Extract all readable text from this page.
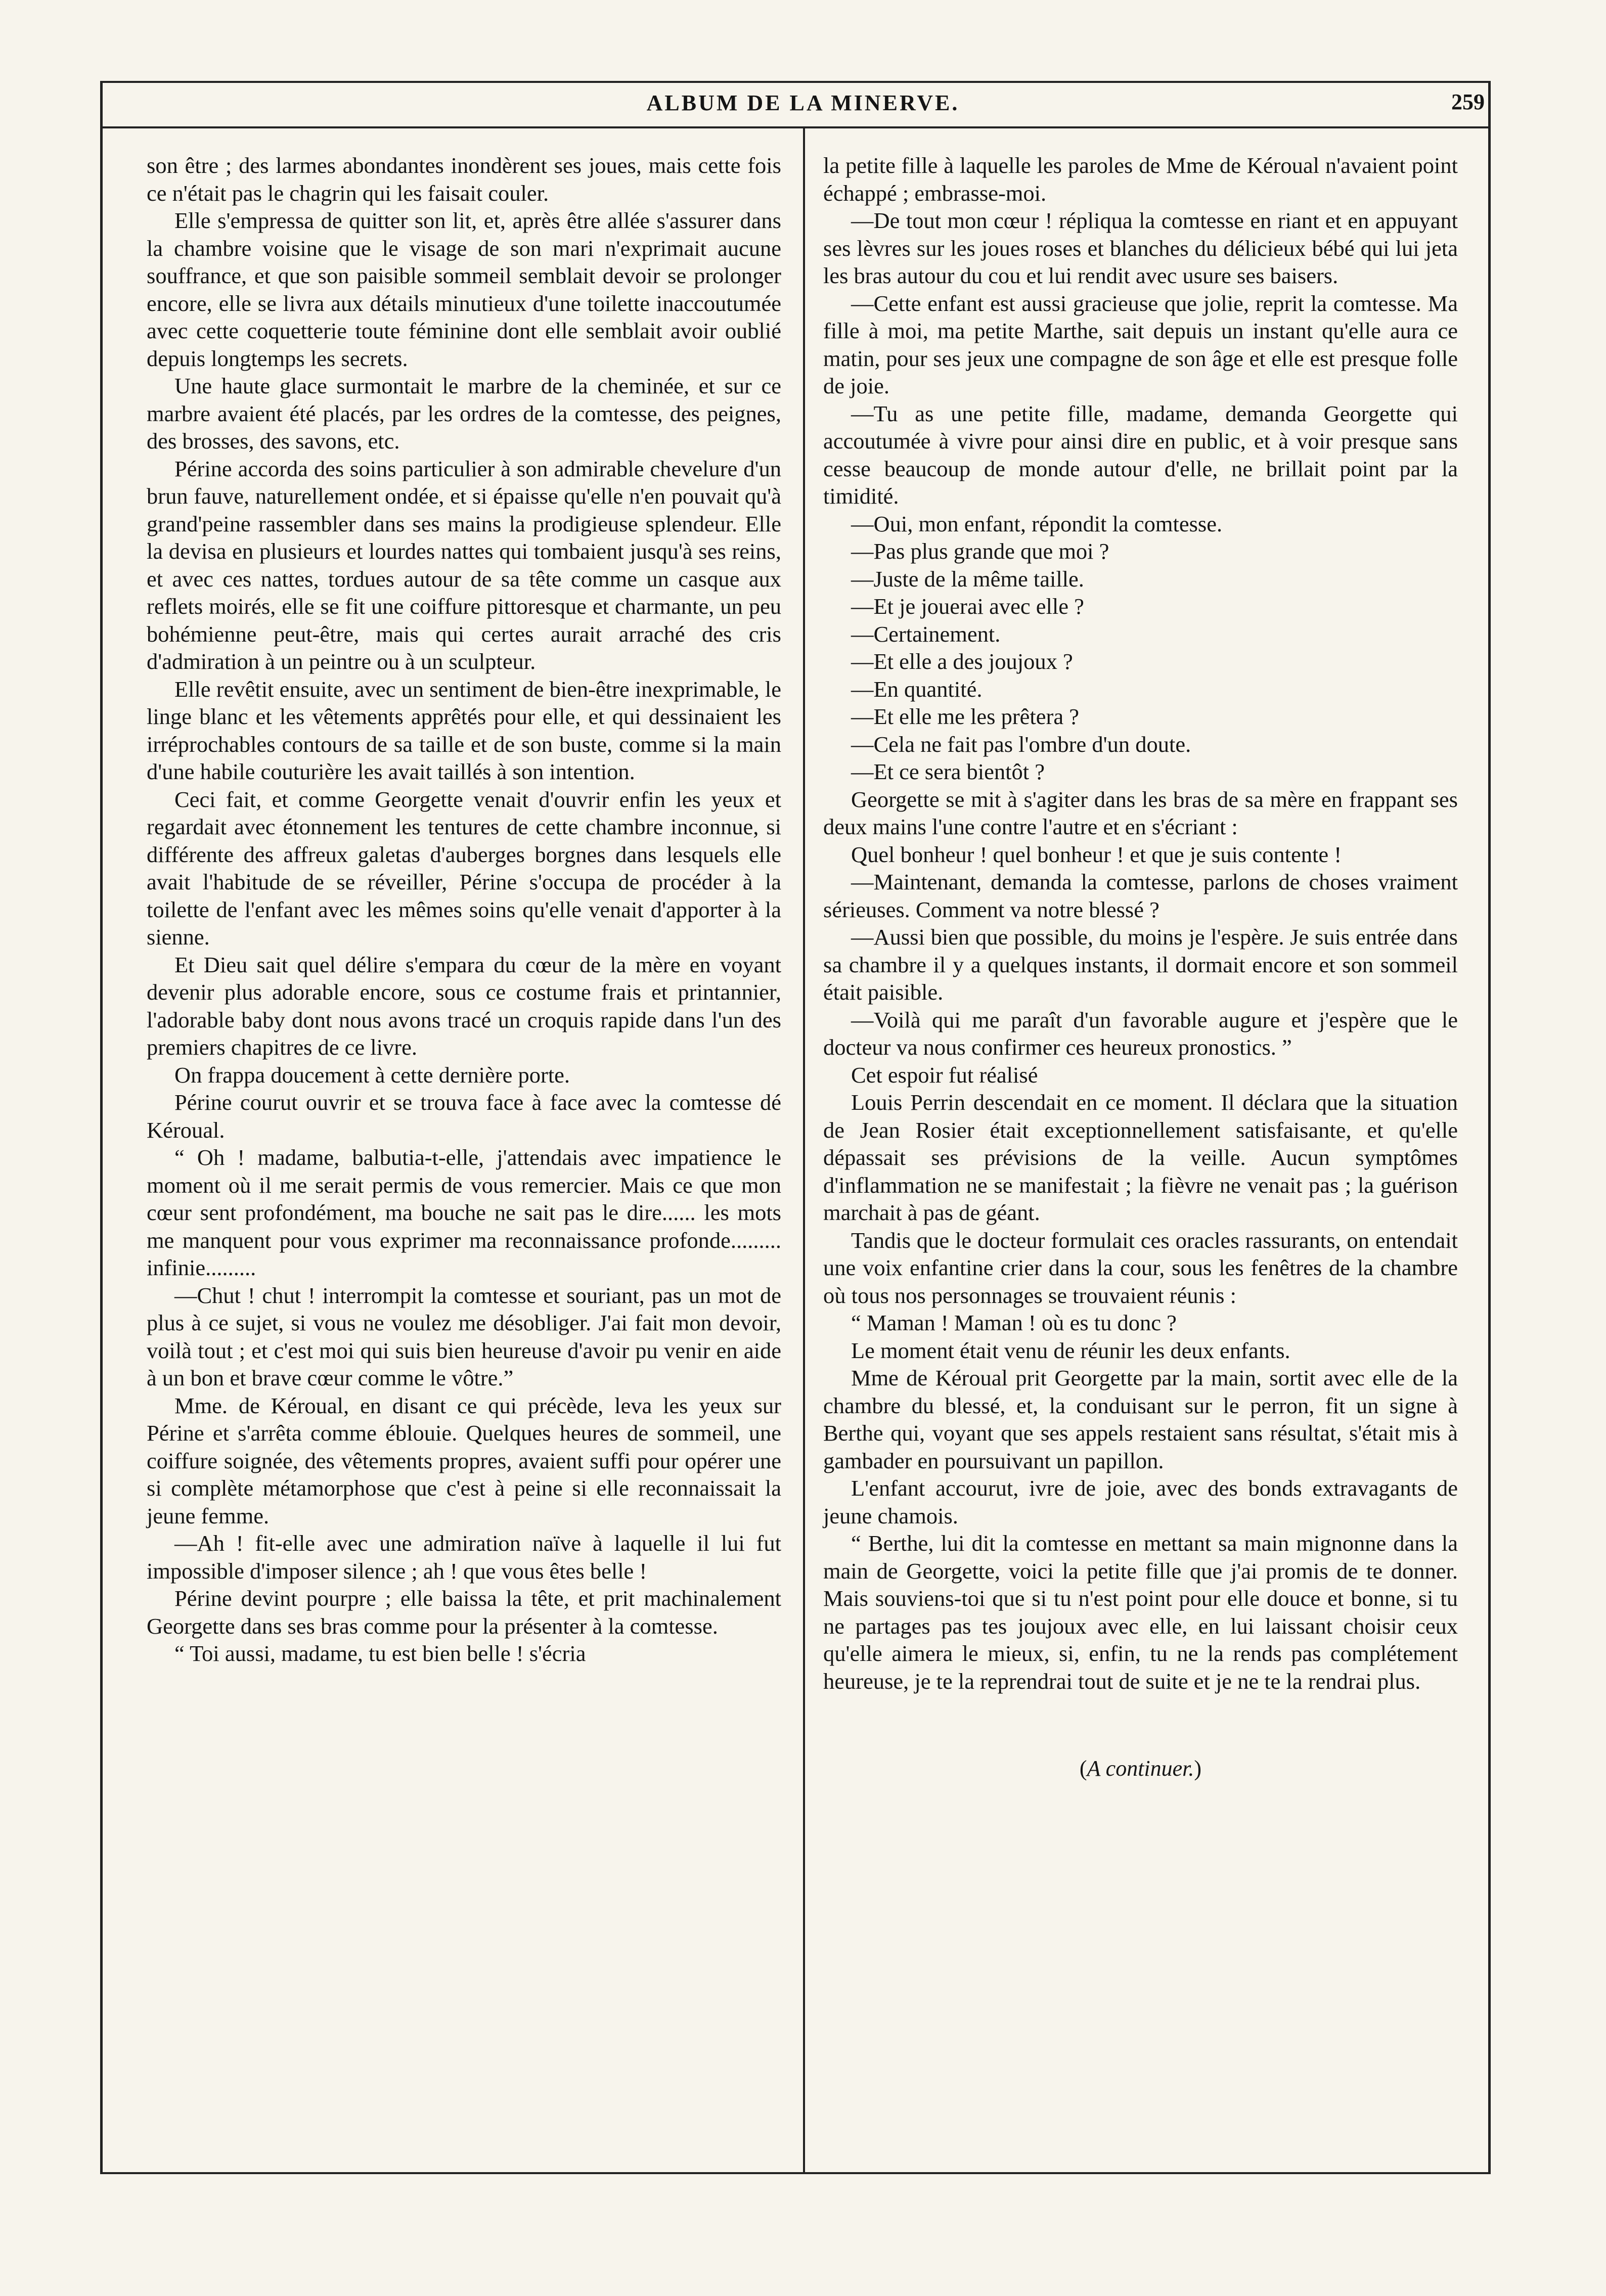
ALBUM DE LA MINERVE.	259

son être ; des larmes abondantes inondèrent ses joues, mais cette fois ce n'était pas le chagrin qui les faisait couler.

Elle s'empressa de quitter son lit, et, après être allée s'assurer dans la chambre voisine que le visage de son mari n'exprimait aucune souffrance, et que son paisible sommeil semblait devoir se prolonger encore, elle se livra aux détails minutieux d'une toilette inaccoutumée avec cette coquetterie toute féminine dont elle semblait avoir oublié depuis longtemps les secrets.

Une haute glace surmontait le marbre de la cheminée, et sur ce marbre avaient été placés, par les ordres de la comtesse, des peignes, des brosses, des savons, etc.

Périne accorda des soins particulier à son admirable chevelure d'un brun fauve, naturellement ondée, et si épaisse qu'elle n'en pouvait qu'à grand'peine rassembler dans ses mains la prodigieuse splendeur. Elle la devisa en plusieurs et lourdes nattes qui tombaient jusqu'à ses reins, et avec ces nattes, tordues autour de sa tête comme un casque aux reflets moirés, elle se fit une coiffure pittoresque et charmante, un peu bohémienne peut-être, mais qui certes aurait arraché des cris d'admiration à un peintre ou à un sculpteur.

Elle revêtit ensuite, avec un sentiment de bien-être inexprimable, le linge blanc et les vêtements apprêtés pour elle, et qui dessinaient les irréprochables contours de sa taille et de son buste, comme si la main d'une habile couturière les avait taillés à son intention.

Ceci fait, et comme Georgette venait d'ouvrir enfin les yeux et regardait avec étonnement les tentures de cette chambre inconnue, si différente des affreux galetas d'auberges borgnes dans lesquels elle avait l'habitude de se réveiller, Périne s'occupa de procéder à la toilette de l'enfant avec les mêmes soins qu'elle venait d'apporter à la sienne.

Et Dieu sait quel délire s'empara du cœur de la mère en voyant devenir plus adorable encore, sous ce costume frais et printannier, l'adorable baby dont nous avons tracé un croquis rapide dans l'un des premiers chapitres de ce livre.

On frappa doucement à cette dernière porte.

Périne courut ouvrir et se trouva face à face avec la comtesse dé Kéroual.

“ Oh ! madame, balbutia-t-elle, j'attendais avec impatience le moment où il me serait permis de vous remercier. Mais ce que mon cœur sent profondément, ma bouche ne sait pas le dire...... les mots me manquent pour vous exprimer ma reconnaissance profonde......... infinie.........

—Chut ! chut ! interrompit la comtesse et souriant, pas un mot de plus à ce sujet, si vous ne voulez me désobliger. J'ai fait mon devoir, voilà tout ; et c'est moi qui suis bien heureuse d'avoir pu venir en aide à un bon et brave cœur comme le vôtre.”

Mme. de Kéroual, en disant ce qui précède, leva les yeux sur Périne et s'arrêta comme éblouie. Quelques heures de sommeil, une coiffure soignée, des vêtements propres, avaient suffi pour opérer une si complète métamorphose que c'est à peine si elle reconnaissait la jeune femme.

—Ah ! fit-elle avec une admiration naïve à laquelle il lui fut impossible d'imposer silence ; ah ! que vous êtes belle !

Périne devint pourpre ; elle baissa la tête, et prit machinalement Georgette dans ses bras comme pour la présenter à la comtesse.

“ Toi aussi, madame, tu est bien belle ! s'écria

la petite fille à laquelle les paroles de Mme de Kéroual n'avaient point échappé ; embrasse-moi.

—De tout mon cœur ! répliqua la comtesse en riant et en appuyant ses lèvres sur les joues roses et blanches du délicieux bébé qui lui jeta les bras autour du cou et lui rendit avec usure ses baisers.

—Cette enfant est aussi gracieuse que jolie, reprit la comtesse. Ma fille à moi, ma petite Marthe, sait depuis un instant qu'elle aura ce matin, pour ses jeux une compagne de son âge et elle est presque folle de joie.

—Tu as une petite fille, madame, demanda Georgette qui accoutumée à vivre pour ainsi dire en public, et à voir presque sans cesse beaucoup de monde autour d'elle, ne brillait point par la timidité.

—Oui, mon enfant, répondit la comtesse.

—Pas plus grande que moi ?

—Juste de la même taille.

—Et je jouerai avec elle ?

—Certainement.

—Et elle a des joujoux ?

—En quantité.

—Et elle me les prêtera ?

—Cela ne fait pas l'ombre d'un doute.

—Et ce sera bientôt ?

Georgette se mit à s'agiter dans les bras de sa mère en frappant ses deux mains l'une contre l'autre et en s'écriant :

Quel bonheur ! quel bonheur ! et que je suis contente !

—Maintenant, demanda la comtesse, parlons de choses vraiment sérieuses. Comment va notre blessé ?

—Aussi bien que possible, du moins je l'espère. Je suis entrée dans sa chambre il y a quelques instants, il dormait encore et son sommeil était paisible.

—Voilà qui me paraît d'un favorable augure et j'espère que le docteur va nous confirmer ces heureux pronostics. ”

Cet espoir fut réalisé

Louis Perrin descendait en ce moment. Il déclara que la situation de Jean Rosier était exceptionnellement satisfaisante, et qu'elle dépassait ses prévisions de la veille. Aucun symptômes d'inflammation ne se manifestait ; la fièvre ne venait pas ; la guérison marchait à pas de géant.

Tandis que le docteur formulait ces oracles rassurants, on entendait une voix enfantine crier dans la cour, sous les fenêtres de la chambre où tous nos personnages se trouvaient réunis :

“ Maman ! Maman ! où es tu donc ?

Le moment était venu de réunir les deux enfants.

Mme de Kéroual prit Georgette par la main, sortit avec elle de la chambre du blessé, et, la conduisant sur le perron, fit un signe à Berthe qui, voyant que ses appels restaient sans résultat, s'était mis à gambader en poursuivant un papillon.

L'enfant accourut, ivre de joie, avec des bonds extravagants de jeune chamois.

“ Berthe, lui dit la comtesse en mettant sa main mignonne dans la main de Georgette, voici la petite fille que j'ai promis de te donner. Mais souviens-toi que si tu n'est point pour elle douce et bonne, si tu ne partages pas tes joujoux avec elle, en lui laissant choisir ceux qu'elle aimera le mieux, si, enfin, tu ne la rends pas complétement heureuse, je te la reprendrai tout de suite et je ne te la rendrai plus.

(A continuer.)
